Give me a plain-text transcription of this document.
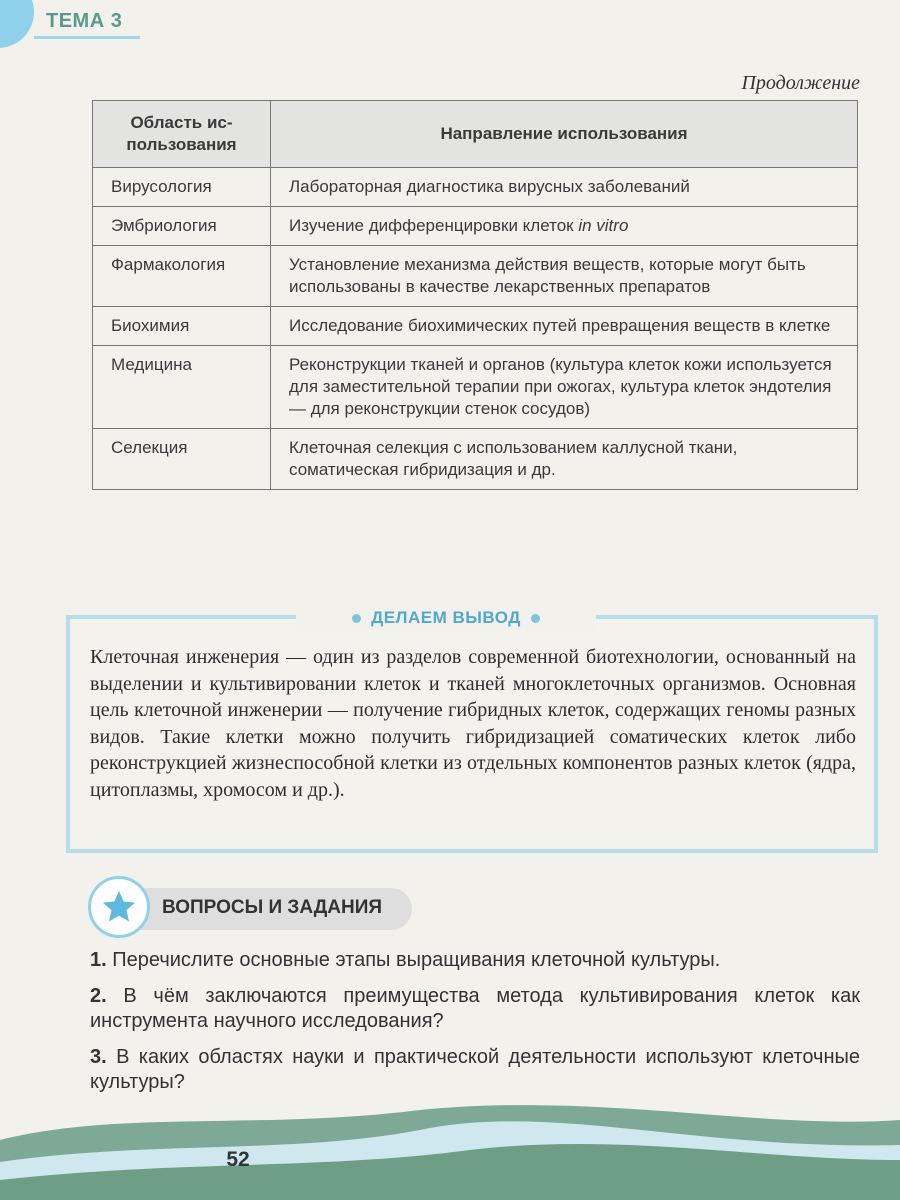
ТЕМА 3
Продолжение
Область ис-
пользования	Направление использования
Вирусология	Лабораторная диагностика вирусных заболеваний
Эмбриология	Изучение дифференцировки клеток in vitro
Фармакология	Установление механизма действия веществ, которые могут быть использованы в качестве лекарственных препаратов
Биохимия	Исследование биохимических путей превращения веществ в клетке
Медицина	Реконструкции тканей и органов (культура клеток кожи используется для заместительной терапии при ожогах, культура клеток эндотелия — для реконструкции стенок сосудов)
Селекция	Клеточная селекция с использованием каллусной ткани, соматическая гибридизация и др.
ДЕЛАЕМ ВЫВОД
Клеточная инженерия — один из разделов современной биотехнологии, основанный на выделении и культивировании клеток и тканей многоклеточных организмов. Основная цель клеточной инженерии — получение гибридных клеток, содержащих геномы разных видов. Такие клетки можно получить гибридизацией соматических клеток либо реконструкцией жизнеспособной клетки из отдельных компонентов разных клеток (ядра, цитоплазмы, хромосом и др.).
ВОПРОСЫ И ЗАДАНИЯ
1. Перечислите основные этапы выращивания клеточной культуры.
2. В чём заключаются преимущества метода культивирования клеток как инструмента научного исследования?
3. В каких областях науки и практической деятельности используют клеточные культуры?
52
